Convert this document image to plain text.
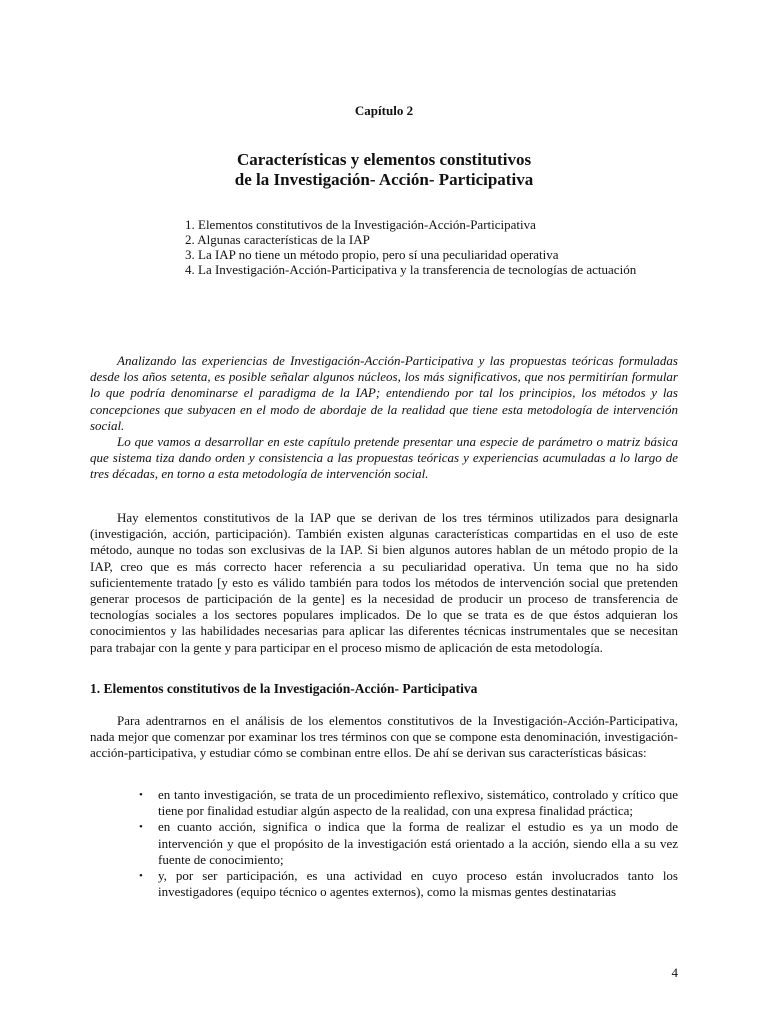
Capítulo 2
Características y elementos constitutivos
de la Investigación- Acción- Participativa
1. Elementos constitutivos de la Investigación-Acción-Participativa
2. Algunas características de la IAP
3. La IAP no tiene un método propio, pero sí una peculiaridad operativa
4. La Investigación-Acción-Participativa y la transferencia de tecnologías de actuación

Analizando las experiencias de Investigación-Acción-Participativa y las propuestas teóricas formuladas desde los años setenta, es posible señalar algunos núcleos, los más significativos, que nos permitirían formular lo que podría denominarse el paradigma de la IAP; entendiendo por tal los principios, los métodos y las concepciones que subyacen en el modo de abordaje de la realidad que tiene esta metodología de intervención social.

Lo que vamos a desarrollar en este capítulo pretende presentar una especie de parámetro o matriz básica que sistema tiza dando orden y consistencia a las propuestas teóricas y experiencias acumuladas a lo largo de tres décadas, en torno a esta metodología de intervención social.

Hay elementos constitutivos de la IAP que se derivan de los tres términos utilizados para designarla (investigación, acción, participación). También existen algunas características compartidas en el uso de este método, aunque no todas son exclusivas de la IAP. Si bien algunos autores hablan de un método propio de la IAP, creo que es más correcto hacer referencia a su peculiaridad operativa. Un tema que no ha sido suficientemente tratado [y esto es válido también para todos los métodos de intervención social que pretenden generar procesos de participación de la gente] es la necesidad de producir un proceso de transferencia de tecnologías sociales a los sectores populares implicados. De lo que se trata es de que éstos adquieran los conocimientos y las habilidades necesarias para aplicar las diferentes técnicas instrumentales que se necesitan para trabajar con la gente y para participar en el proceso mismo de aplicación de esta metodología.

1. Elementos constitutivos de la Investigación-Acción- Participativa

Para adentrarnos en el análisis de los elementos constitutivos de la Investigación-Acción-Participativa, nada mejor que comenzar por examinar los tres términos con que se compone esta denominación, investigación-acción-participativa, y estudiar cómo se combinan entre ellos. De ahí se derivan sus características básicas:

• en tanto investigación, se trata de un procedimiento reflexivo, sistemático, controlado y crítico que tiene por finalidad estudiar algún aspecto de la realidad, con una expresa finalidad práctica;
• en cuanto acción, significa o indica que la forma de realizar el estudio es ya un modo de intervención y que el propósito de la investigación está orientado a la acción, siendo ella a su vez fuente de conocimiento;
• y, por ser participación, es una actividad en cuyo proceso están involucrados tanto los investigadores (equipo técnico o agentes externos), como la mismas gentes destinatarias
4
